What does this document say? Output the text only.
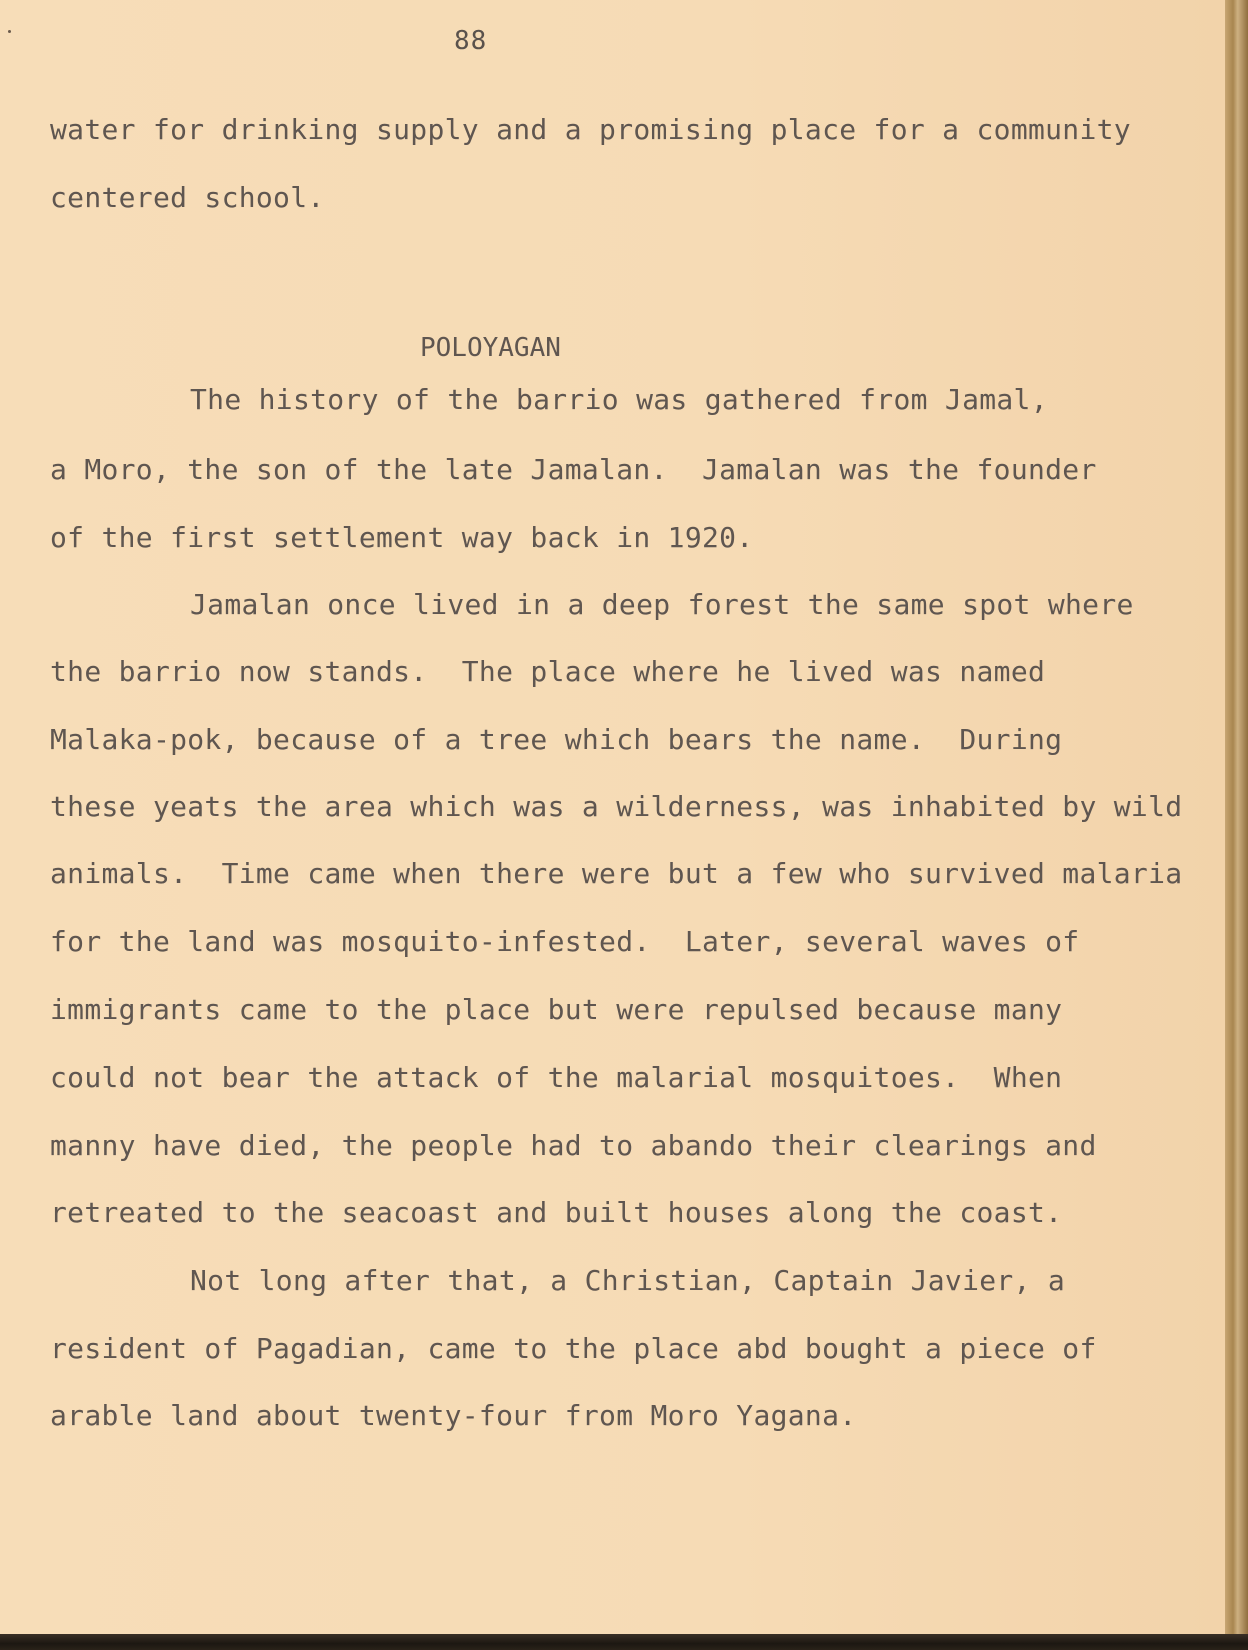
88
water for drinking supply and a promising place for a community
centered school.
POLOYAGAN
The history of the barrio was gathered from Jamal,
a Moro, the son of the late Jamalan.  Jamalan was the founder
of the first settlement way back in 1920.
Jamalan once lived in a deep forest the same spot where
the barrio now stands.  The place where he lived was named
Malaka-pok, because of a tree which bears the name.  During
these yeats the area which was a wilderness, was inhabited by wild
animals.  Time came when there were but a few who survived malaria
for the land was mosquito-infested.  Later, several waves of
immigrants came to the place but were repulsed because many
could not bear the attack of the malarial mosquitoes.  When
manny have died, the people had to abando their clearings and
retreated to the seacoast and built houses along the coast.
Not long after that, a Christian, Captain Javier, a
resident of Pagadian, came to the place abd bought a piece of
arable land about twenty-four from Moro Yagana.
